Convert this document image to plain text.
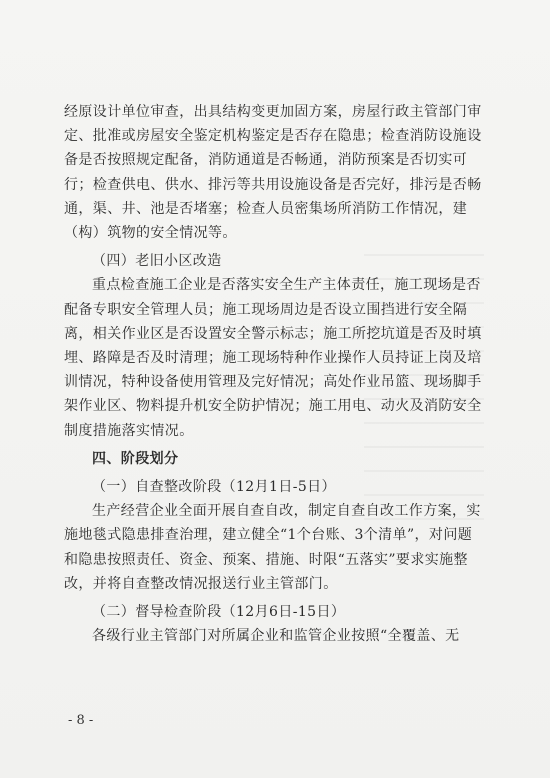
经原设计单位审查，出具结构变更加固方案，房屋行政主管部门审定、批准或房屋安全鉴定机构鉴定是否存在隐患；检查消防设施设备是否按照规定配备，消防通道是否畅通，消防预案是否切实可行；检查供电、供水、排污等共用设施设备是否完好，排污是否畅通，渠、井、池是否堵塞；检查人员密集场所消防工作情况，建（构）筑物的安全情况等。

（四）老旧小区改造

重点检查施工企业是否落实安全生产主体责任，施工现场是否配备专职安全管理人员；施工现场周边是否设立围挡进行安全隔离，相关作业区是否设置安全警示标志；施工所挖坑道是否及时填埋、路障是否及时清理；施工现场特种作业操作人员持证上岗及培训情况，特种设备使用管理及完好情况；高处作业吊篮、现场脚手架作业区、物料提升机安全防护情况；施工用电、动火及消防安全制度措施落实情况。

四、阶段划分

（一）自查整改阶段（12月1日-5日）

生产经营企业全面开展自查自改，制定自查自改工作方案，实施地毯式隐患排查治理，建立健全“1个台账、3个清单”，对问题和隐患按照责任、资金、预案、措施、时限“五落实”要求实施整改，并将自查整改情况报送行业主管部门。

（二）督导检查阶段（12月6日-15日）

各级行业主管部门对所属企业和监管企业按照“全覆盖、无

- 8 -
